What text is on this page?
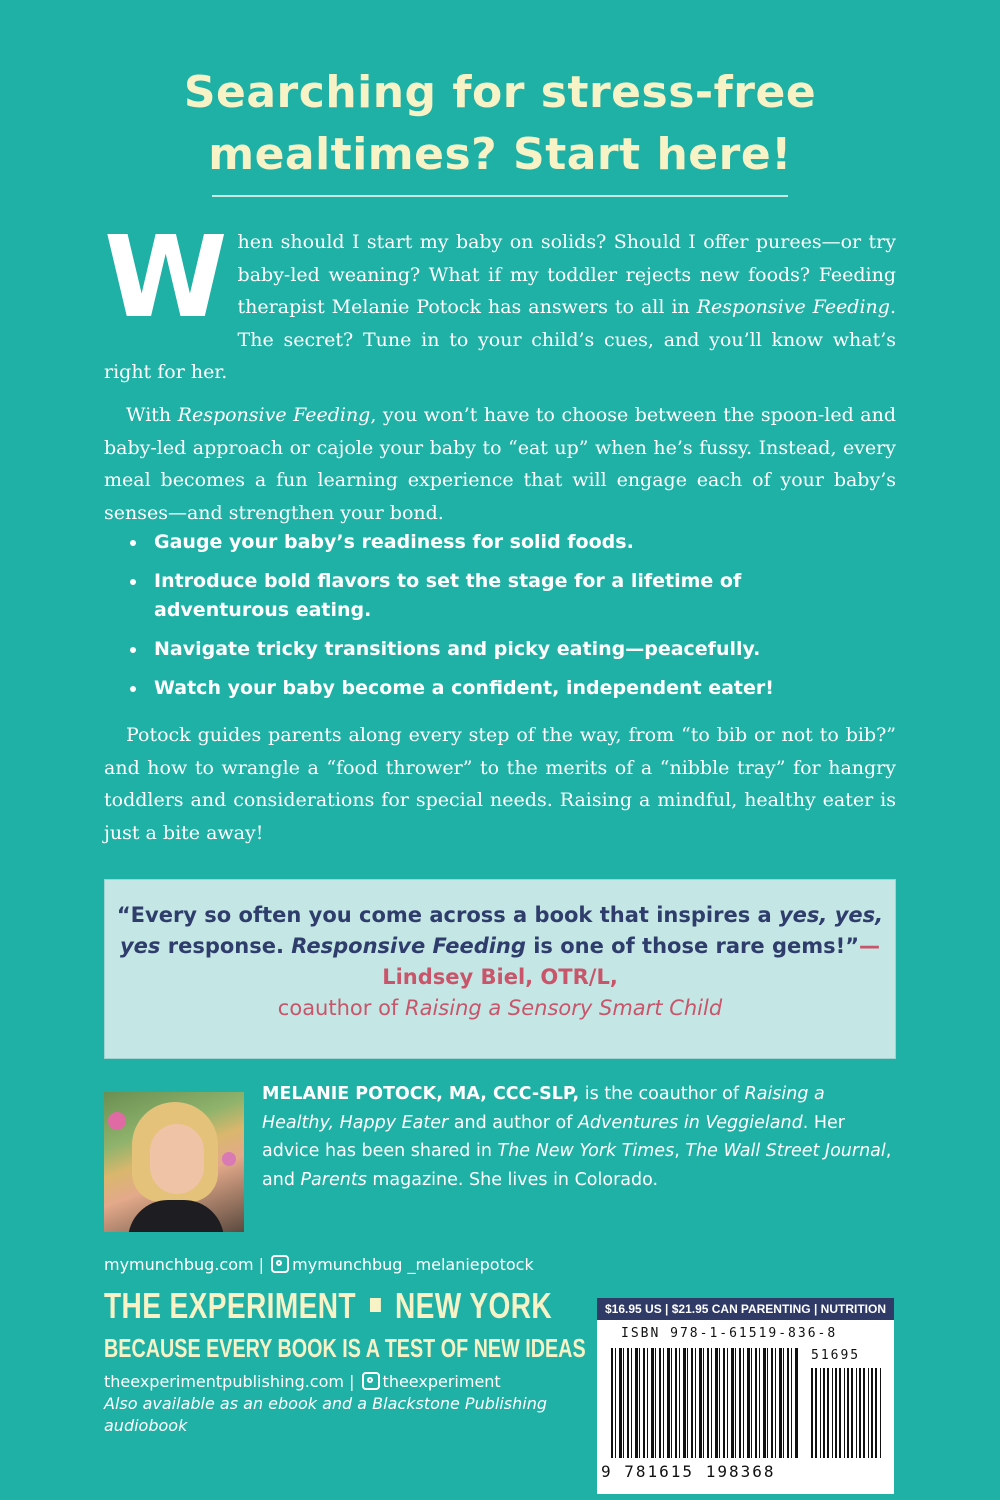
Searching for stress-free
mealtimes? Start here!

When should I start my baby on solids? Should I offer purees—or try baby-led weaning? What if my toddler rejects new foods? Feeding therapist Melanie Potock has answers to all in Responsive Feeding. The secret? Tune in to your child’s cues, and you’ll know what’s right for her.

With Responsive Feeding, you won’t have to choose between the spoon-led and baby-led approach or cajole your baby to “eat up” when he’s fussy. Instead, every meal becomes a fun learning experience that will engage each of your baby’s senses—and strengthen your bond.

Gauge your baby’s readiness for solid foods.
Introduce bold flavors to set the stage for a lifetime of adventurous eating.
Navigate tricky transitions and picky eating—peacefully.
Watch your baby become a confident, independent eater!

Potock guides parents along every step of the way, from “to bib or not to bib?” and how to wrangle a “food thrower” to the merits of a “nibble tray” for hangry toddlers and considerations for special needs. Raising a mindful, healthy eater is just a bite away!

“Every so often you come across a book that inspires a yes, yes, yes response. Responsive Feeding is one of those rare gems!”—Lindsey Biel, OTR/L,
coauthor of Raising a Sensory Smart Child
MELANIE POTOCK, MA, CCC-SLP, is the coauthor of Raising a Healthy, Happy Eater and author of Adventures in Veggieland. Her advice has been shared in The New York Times, The Wall Street Journal, and Parents magazine. She lives in Colorado.
mymunchbug.com | mymunchbug _melaniepotock
THE EXPERIMENT NEW YORK
BECAUSE EVERY BOOK IS A TEST OF NEW IDEAS
theexperimentpublishing.com | theexperiment
Also available as an ebook and a Blackstone Publishing audiobook
$16.95 US | $21.95 CAN PARENTING | NUTRITION
ISBN 978-1-61519-836-8
51695
9 781615 198368
